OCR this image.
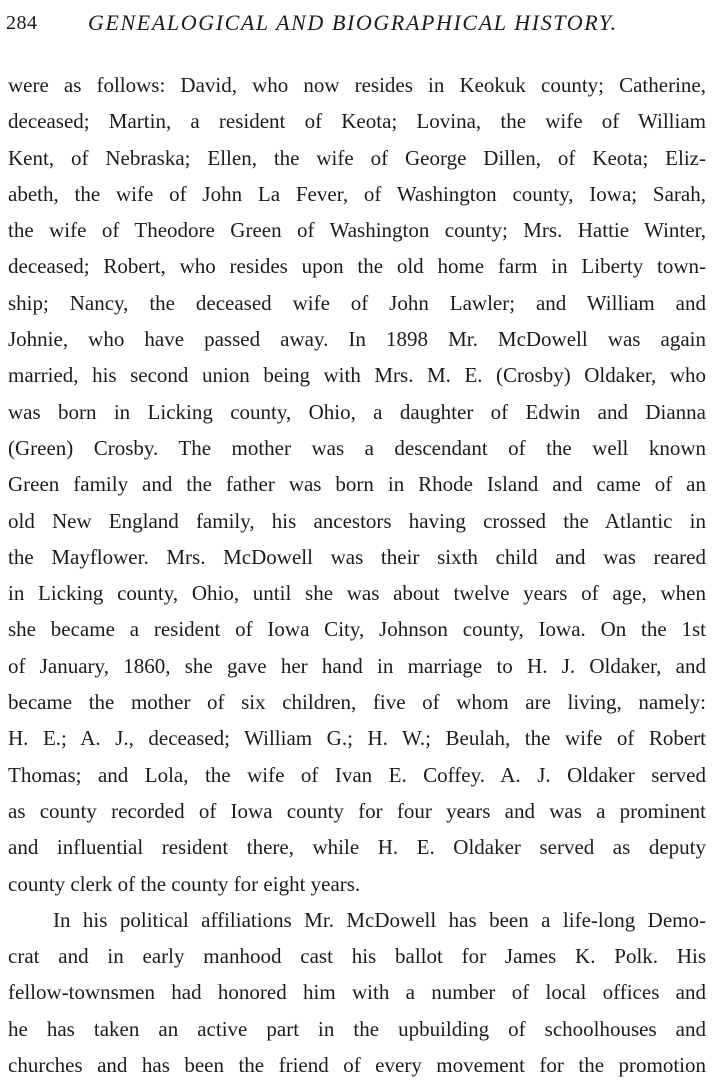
284 GENEALOGICAL AND BIOGRAPHICAL HISTORY.
were as follows: David, who now resides in Keokuk county; Catherine,
deceased; Martin, a resident of Keota; Lovina, the wife of William
Kent, of Nebraska; Ellen, the wife of George Dillen, of Keota; Eliz-
abeth, the wife of John La Fever, of Washington county, Iowa; Sarah,
the wife of Theodore Green of Washington county; Mrs. Hattie Winter,
deceased; Robert, who resides upon the old home farm in Liberty town-
ship; Nancy, the deceased wife of John Lawler; and William and
Johnie, who have passed away. In 1898 Mr. McDowell was again
married, his second union being with Mrs. M. E. (Crosby) Oldaker, who
was born in Licking county, Ohio, a daughter of Edwin and Dianna
(Green) Crosby. The mother was a descendant of the well known
Green family and the father was born in Rhode Island and came of an
old New England family, his ancestors having crossed the Atlantic in
the Mayflower. Mrs. McDowell was their sixth child and was reared
in Licking county, Ohio, until she was about twelve years of age, when
she became a resident of Iowa City, Johnson county, Iowa. On the 1st
of January, 1860, she gave her hand in marriage to H. J. Oldaker, and
became the mother of six children, five of whom are living, namely:
H. E.; A. J., deceased; William G.; H. W.; Beulah, the wife of Robert
Thomas; and Lola, the wife of Ivan E. Coffey. A. J. Oldaker served
as county recorded of Iowa county for four years and was a prominent
and influential resident there, while H. E. Oldaker served as deputy
county clerk of the county for eight years.
In his political affiliations Mr. McDowell has been a life-long Demo-
crat and in early manhood cast his ballot for James K. Polk. His
fellow-townsmen had honored him with a number of local offices and
he has taken an active part in the upbuilding of schoolhouses and
churches and has been the friend of every movement for the promotion
